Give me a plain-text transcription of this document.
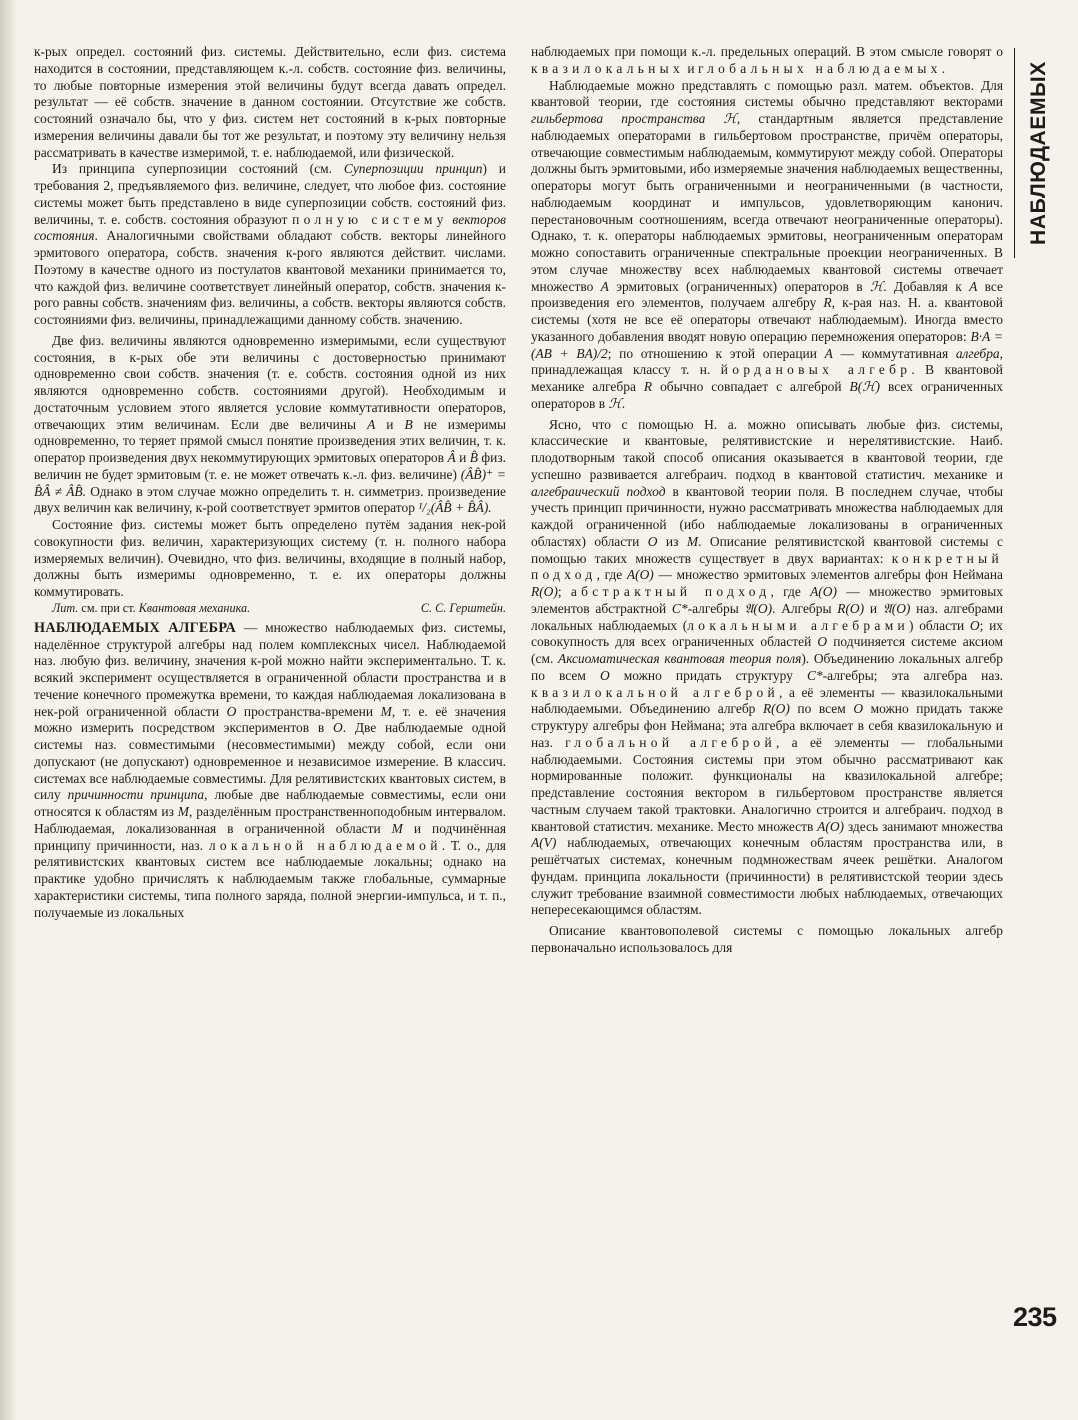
к-рых определ. состояний физ. системы. Действительно, если физ. система находится в состоянии, представляющем к.-л. собств. состояние физ. величины, то любые повторные измерения этой величины будут всегда давать определ. результат — её собств. значение в данном состоянии. Отсутствие же собств. состояний означало бы, что у физ. систем нет состояний в к-рых повторные измерения величины давали бы тот же результат, и поэтому эту величину нельзя рассматривать в качестве измеримой, т. е. наблюдаемой, или физической.

Из принципа суперпозиции состояний (см. Суперпозиции принцип) и требования 2, предъявляемого физ. величине, следует, что любое физ. состояние системы может быть представлено в виде суперпозиции собств. состояний физ. величины, т. е. собств. состояния образуют полную систему векторов состояния. Аналогичными свойствами обладают собств. векторы линейного эрмитового оператора, собств. значения к-рого являются действит. числами. Поэтому в качестве одного из постулатов квантовой механики принимается то, что каждой физ. величине соответствует линейный оператор, собств. значения к-рого равны собств. значениям физ. величины, а собств. векторы являются собств. состояниями физ. величины, принадлежащими данному собств. значению.

Две физ. величины являются одновременно измеримыми, если существуют состояния, в к-рых обе эти величины с достоверностью принимают одновременно свои собств. значения (т. е. собств. состояния одной из них являются одновременно собств. состояниями другой). Необходимым и достаточным условием этого является условие коммутативности операторов, отвечающих этим величинам. Если две величины A и B не измеримы одновременно, то теряет прямой смысл понятие произведения этих величин, т. к. оператор произведения двух некоммутирующих эрмитовых операторов Â и B̂ физ. величин не будет эрмитовым (т. е. не может отвечать к.-л. физ. величине) (ÂB̂)⁺ = B̂Â ≠ ÂB̂. Однако в этом случае можно определить т. н. симметриз. произведение двух величин как величину, к-рой соответствует эрмитов оператор ¹/₂(ÂB̂ + B̂Â).

Состояние физ. системы может быть определено путём задания нек-рой совокупности физ. величин, характеризующих систему (т. н. полного набора измеряемых величин). Очевидно, что физ. величины, входящие в полный набор, должны быть измеримы одновременно, т. е. их операторы должны коммутировать.

Лит. см. при ст. Квантовая механика.	С. С. Герштейн.

НАБЛЮДАЕМЫХ АЛГЕБРА — множество наблюдаемых физ. системы, наделённое структурой алгебры над полем комплексных чисел. Наблюдаемой наз. любую физ. величину, значения к-рой можно найти экспериментально. Т. к. всякий эксперимент осуществляется в ограниченной области пространства и в течение конечного промежутка времени, то каждая наблюдаемая локализована в нек-рой ограниченной области O пространства-времени M, т. е. её значения можно измерить посредством экспериментов в O. Две наблюдаемые одной системы наз. совместимыми (несовместимыми) между собой, если они допускают (не допускают) одновременное и независимое измерение. В классич. системах все наблюдаемые совместимы. Для релятивистских квантовых систем, в силу причинности принципа, любые две наблюдаемые совместимы, если они относятся к областям из M, разделённым пространственноподобным интервалом. Наблюдаемая, локализованная в ограниченной области M и подчинённая принципу причинности, наз. локальной наблюдаемой. Т. о., для релятивистских квантовых систем все наблюдаемые локальны; однако на практике удобно причислять к наблюдаемым также глобальные, суммарные характеристики системы, типа полного заряда, полной энергии-импульса, и т. п., получаемые из локальных

наблюдаемых при помощи к.-л. предельных операций. В этом смысле говорят о квазилокальных и глобальных наблюдаемых.

Наблюдаемые можно представлять с помощью разл. матем. объектов. Для квантовой теории, где состояния системы обычно представляют векторами гильбертова пространства ℋ, стандартным является представление наблюдаемых операторами в гильбертовом пространстве, причём операторы, отвечающие совместимым наблюдаемым, коммутируют между собой. Операторы должны быть эрмитовыми, ибо измеряемые значения наблюдаемых вещественны, операторы могут быть ограниченными и неограниченными (в частности, наблюдаемым координат и импульсов, удовлетворяющим канонич. перестановочным соотношениям, всегда отвечают неограниченные операторы). Однако, т. к. операторы наблюдаемых эрмитовы, неограниченным операторам можно сопоставить ограниченные спектральные проекции неограниченных. В этом случае множеству всех наблюдаемых квантовой системы отвечает множество A эрмитовых (ограниченных) операторов в ℋ. Добавляя к A все произведения его элементов, получаем алгебру R, к-рая наз. Н. а. квантовой системы (хотя не все её операторы отвечают наблюдаемым). Иногда вместо указанного добавления вводят новую операцию перемножения операторов: B·A = (AB + BA)/2; по отношению к этой операции A — коммутативная алгебра, принадлежащая классу т. н. йордановых алгебр. В квантовой механике алгебра R обычно совпадает с алгеброй B(ℋ) всех ограниченных операторов в ℋ.

Ясно, что с помощью Н. а. можно описывать любые физ. системы, классические и квантовые, релятивистские и нерелятивистские. Наиб. плодотворным такой способ описания оказывается в квантовой теории, где успешно развивается алгебраич. подход в квантовой статистич. механике и алгебраический подход в квантовой теории поля. В последнем случае, чтобы учесть принцип причинности, нужно рассматривать множества наблюдаемых для каждой ограниченной (ибо наблюдаемые локализованы в ограниченных областях) области O из M. Описание релятивистской квантовой системы с помощью таких множеств существует в двух вариантах: конкретный подход, где A(O) — множество эрмитовых элементов алгебры фон Неймана R(O); абстрактный подход, где A(O) — множество эрмитовых элементов абстрактной C*-алгебры 𝔄(O). Алгебры R(O) и 𝔄(O) наз. алгебрами локальных наблюдаемых (локальными алгебрами) области O; их совокупность для всех ограниченных областей O подчиняется системе аксиом (см. Аксиоматическая квантовая теория поля). Объединению локальных алгебр по всем O можно придать структуру C*-алгебры; эта алгебра наз. квазилокальной алгеброй, а её элементы — квазилокальными наблюдаемыми. Объединению алгебр R(O) по всем O можно придать также структуру алгебры фон Неймана; эта алгебра включает в себя квазилокальную и наз. глобальной алгеброй, а её элементы — глобальными наблюдаемыми. Состояния системы при этом обычно рассматривают как нормированные положит. функционалы на квазилокальной алгебре; представление состояния вектором в гильбертовом пространстве является частным случаем такой трактовки. Аналогично строится и алгебраич. подход в квантовой статистич. механике. Место множеств A(O) здесь занимают множества A(V) наблюдаемых, отвечающих конечным областям пространства или, в решётчатых системах, конечным подмножествам ячеек решётки. Аналогом фундам. принципа локальности (причинности) в релятивистской теории здесь служит требование взаимной совместимости любых наблюдаемых, отвечающих непересекающимся областям.

Описание квантовополевой системы с помощью локальных алгебр первоначально использовалось для

НАБЛЮДАЕМЫХ
235
